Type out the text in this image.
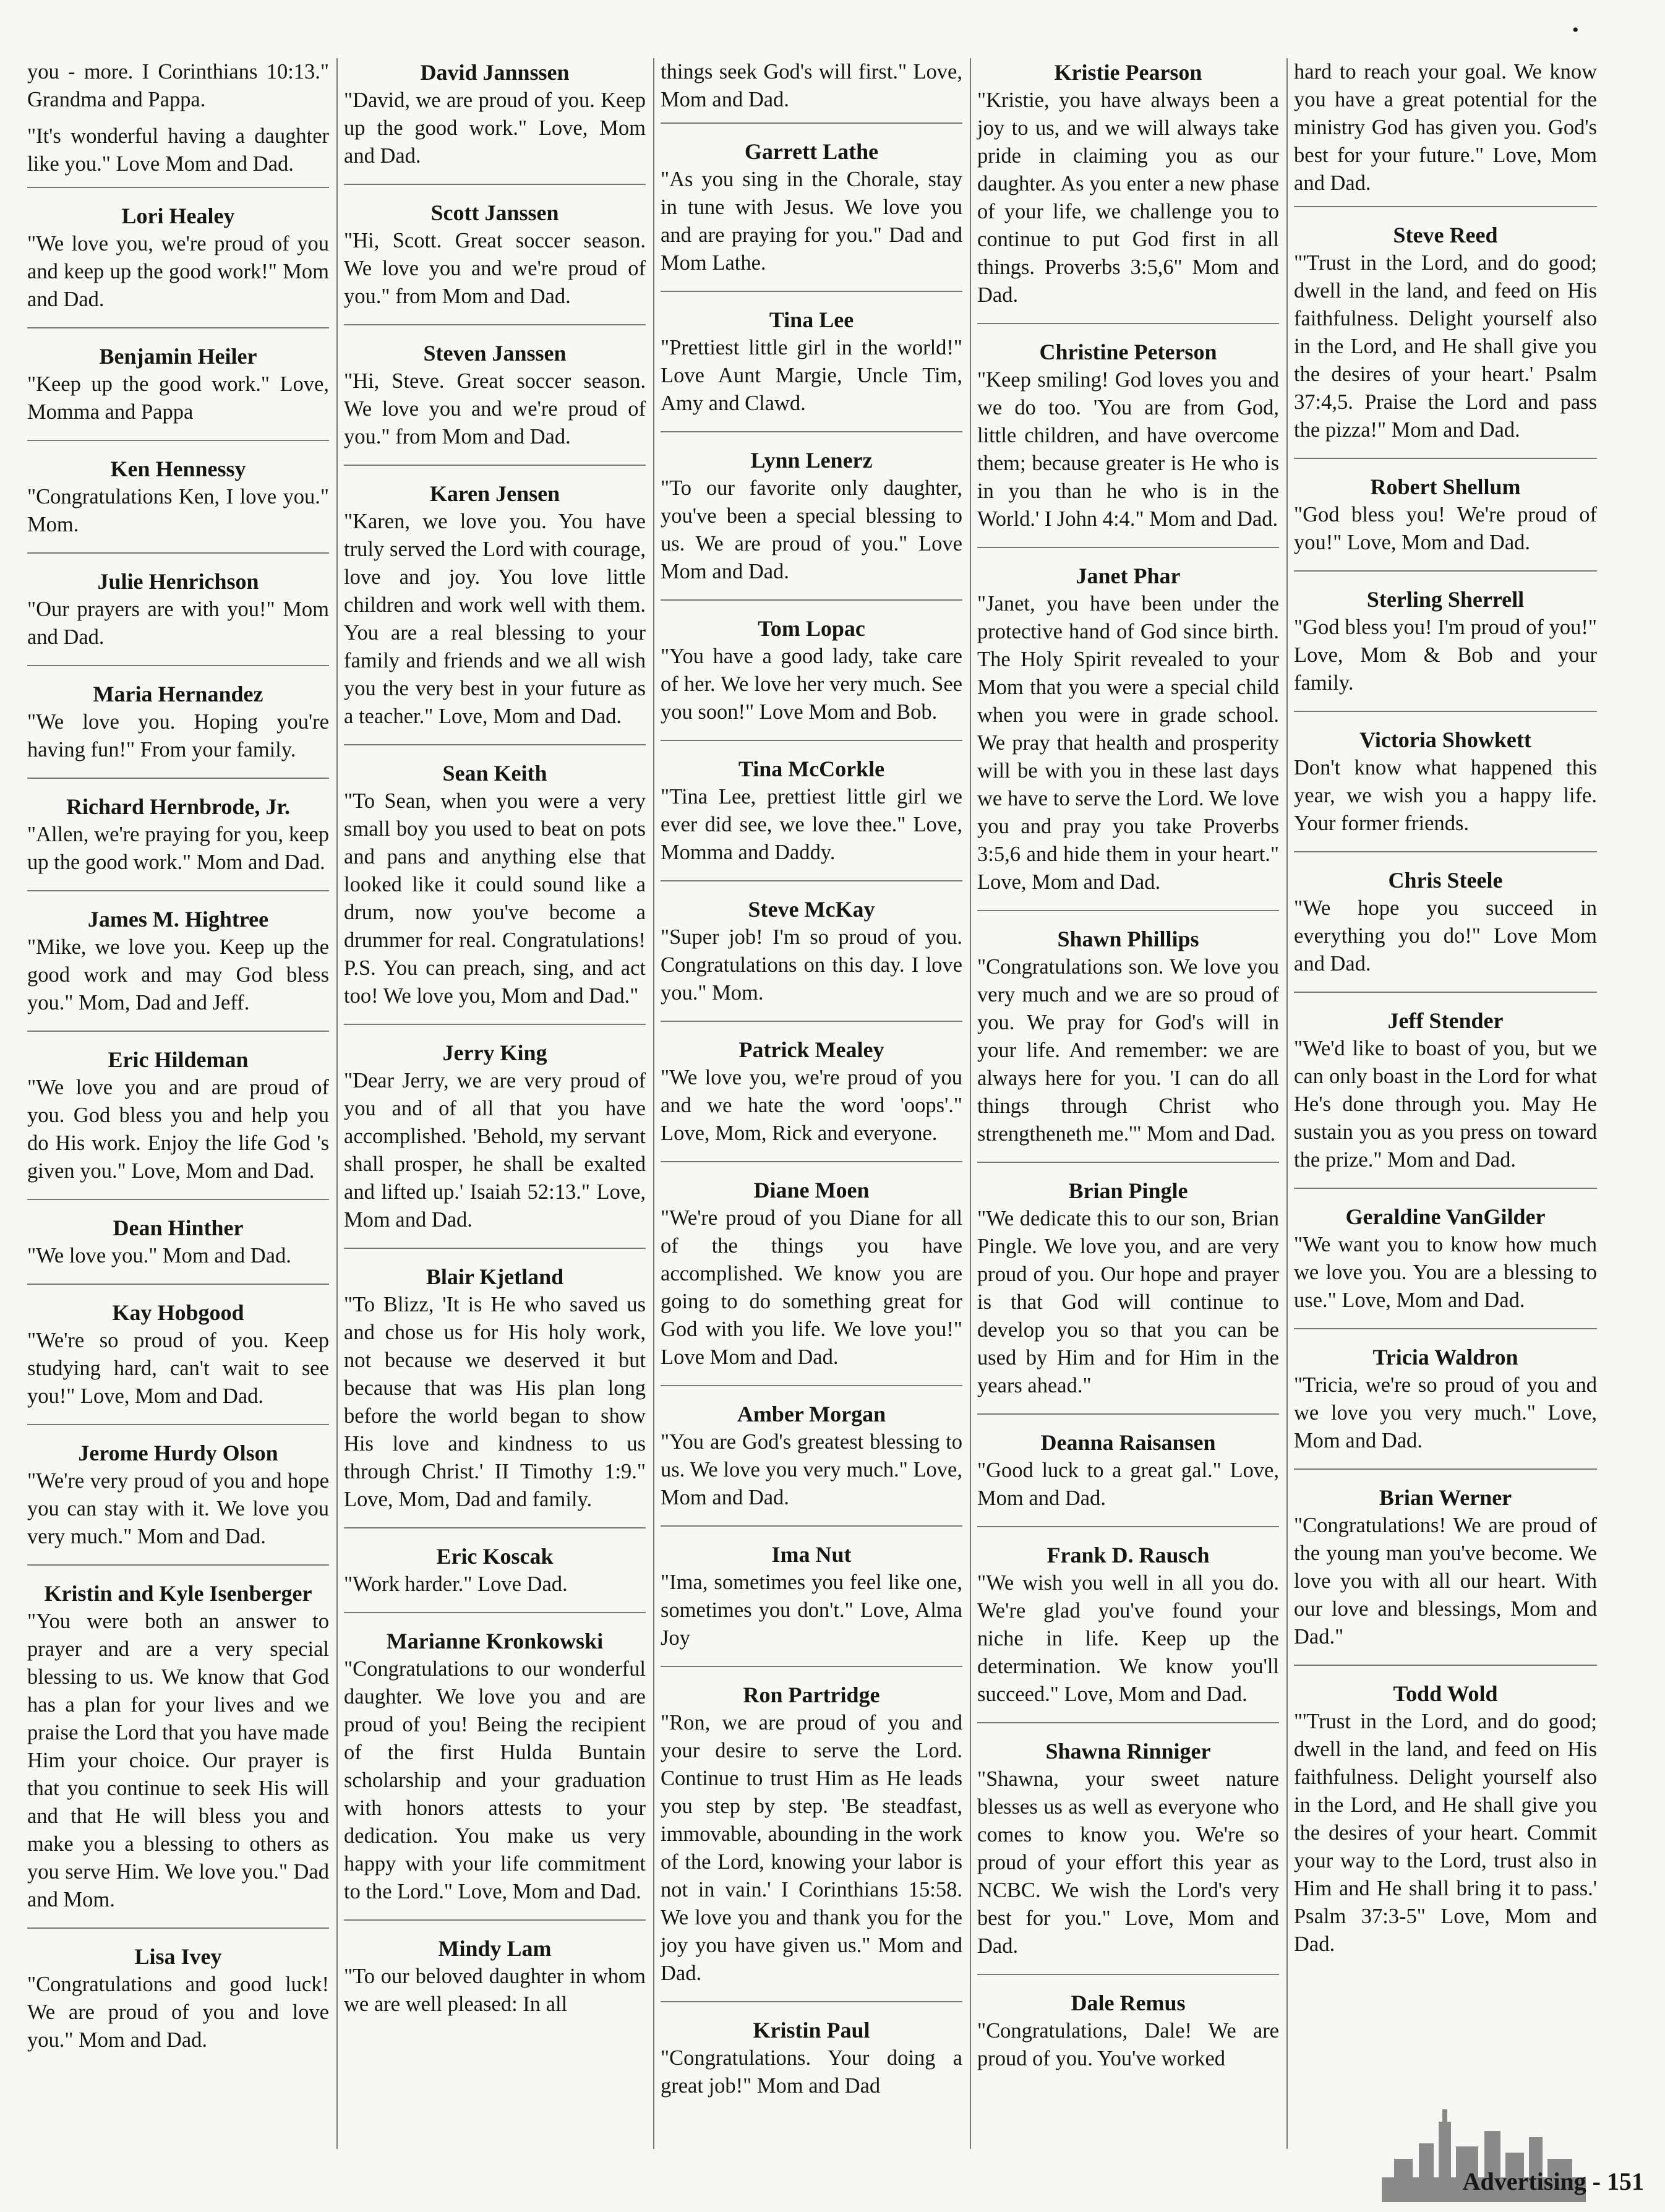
•

you - more. I Corinthians 10:13." Grandma and Pappa.

"It's wonderful having a daughter like you." Love Mom and Dad.

Lori Healey

"We love you, we're proud of you and keep up the good work!" Mom and Dad.

Benjamin Heiler

"Keep up the good work." Love, Momma and Pappa

Ken Hennessy

"Congratulations Ken, I love you." Mom.

Julie Henrichson

"Our prayers are with you!" Mom and Dad.

Maria Hernandez

"We love you. Hoping you're having fun!" From your family.

Richard Hernbrode, Jr.

"Allen, we're praying for you, keep up the good work." Mom and Dad.

James M. Hightree

"Mike, we love you. Keep up the good work and may God bless you." Mom, Dad and Jeff.

Eric Hildeman

"We love you and are proud of you. God bless you and help you do His work. Enjoy the life God 's given you." Love, Mom and Dad.

Dean Hinther

"We love you." Mom and Dad.

Kay Hobgood

"We're so proud of you. Keep studying hard, can't wait to see you!" Love, Mom and Dad.

Jerome Hurdy Olson

"We're very proud of you and hope you can stay with it. We love you very much." Mom and Dad.

Kristin and Kyle Isenberger

"You were both an answer to prayer and are a very special blessing to us. We know that God has a plan for your lives and we praise the Lord that you have made Him your choice. Our prayer is that you continue to seek His will and that He will bless you and make you a blessing to others as you serve Him. We love you." Dad and Mom.

Lisa Ivey

"Congratulations and good luck! We are proud of you and love you." Mom and Dad.

David Jannssen

"David, we are proud of you. Keep up the good work." Love, Mom and Dad.

Scott Janssen

"Hi, Scott. Great soccer season. We love you and we're proud of you." from Mom and Dad.

Steven Janssen

"Hi, Steve. Great soccer season. We love you and we're proud of you." from Mom and Dad.

Karen Jensen

"Karen, we love you. You have truly served the Lord with courage, love and joy. You love little children and work well with them. You are a real blessing to your family and friends and we all wish you the very best in your future as a teacher." Love, Mom and Dad.

Sean Keith

"To Sean, when you were a very small boy you used to beat on pots and pans and anything else that looked like it could sound like a drum, now you've become a drummer for real. Congratulations! P.S. You can preach, sing, and act too! We love you, Mom and Dad."

Jerry King

"Dear Jerry, we are very proud of you and of all that you have accomplished. 'Behold, my servant shall prosper, he shall be exalted and lifted up.' Isaiah 52:13." Love, Mom and Dad.

Blair Kjetland

"To Blizz, 'It is He who saved us and chose us for His holy work, not because we deserved it but because that was His plan long before the world began to show His love and kindness to us through Christ.' II Timothy 1:9." Love, Mom, Dad and family.

Eric Koscak

"Work harder." Love Dad.

Marianne Kronkowski

"Congratulations to our wonderful daughter. We love you and are proud of you! Being the recipient of the first Hulda Buntain scholarship and your graduation with honors attests to your dedication. You make us very happy with your life commitment to the Lord." Love, Mom and Dad.

Mindy Lam

"To our beloved daughter in whom we are well pleased: In all

things seek God's will first." Love, Mom and Dad.

Garrett Lathe

"As you sing in the Chorale, stay in tune with Jesus. We love you and are praying for you." Dad and Mom Lathe.

Tina Lee

"Prettiest little girl in the world!" Love Aunt Margie, Uncle Tim, Amy and Clawd.

Lynn Lenerz

"To our favorite only daughter, you've been a special blessing to us. We are proud of you." Love Mom and Dad.

Tom Lopac

"You have a good lady, take care of her. We love her very much. See you soon!" Love Mom and Bob.

Tina McCorkle

"Tina Lee, prettiest little girl we ever did see, we love thee." Love, Momma and Daddy.

Steve McKay

"Super job! I'm so proud of you. Congratulations on this day. I love you." Mom.

Patrick Mealey

"We love you, we're proud of you and we hate the word 'oops'." Love, Mom, Rick and everyone.

Diane Moen

"We're proud of you Diane for all of the things you have accomplished. We know you are going to do something great for God with you life. We love you!" Love Mom and Dad.

Amber Morgan

"You are God's greatest blessing to us. We love you very much." Love, Mom and Dad.

Ima Nut

"Ima, sometimes you feel like one, sometimes you don't." Love, Alma Joy

Ron Partridge

"Ron, we are proud of you and your desire to serve the Lord. Continue to trust Him as He leads you step by step. 'Be steadfast, immovable, abounding in the work of the Lord, knowing your labor is not in vain.' I Corinthians 15:58. We love you and thank you for the joy you have given us." Mom and Dad.

Kristin Paul

"Congratulations. Your doing a great job!" Mom and Dad

Kristie Pearson

"Kristie, you have always been a joy to us, and we will always take pride in claiming you as our daughter. As you enter a new phase of your life, we challenge you to continue to put God first in all things. Proverbs 3:5,6" Mom and Dad.

Christine Peterson

"Keep smiling! God loves you and we do too. 'You are from God, little children, and have overcome them; because greater is He who is in you than he who is in the World.' I John 4:4." Mom and Dad.

Janet Phar

"Janet, you have been under the protective hand of God since birth. The Holy Spirit revealed to your Mom that you were a special child when you were in grade school. We pray that health and prosperity will be with you in these last days we have to serve the Lord. We love you and pray you take Proverbs 3:5,6 and hide them in your heart." Love, Mom and Dad.

Shawn Phillips

"Congratulations son. We love you very much and we are so proud of you. We pray for God's will in your life. And remember: we are always here for you. 'I can do all things through Christ who strengtheneth me.'" Mom and Dad.

Brian Pingle

"We dedicate this to our son, Brian Pingle. We love you, and are very proud of you. Our hope and prayer is that God will continue to develop you so that you can be used by Him and for Him in the years ahead."

Deanna Raisansen

"Good luck to a great gal." Love, Mom and Dad.

Frank D. Rausch

"We wish you well in all you do. We're glad you've found your niche in life. Keep up the determination. We know you'll succeed." Love, Mom and Dad.

Shawna Rinniger

"Shawna, your sweet nature blesses us as well as everyone who comes to know you. We're so proud of your effort this year as NCBC. We wish the Lord's very best for you." Love, Mom and Dad.

Dale Remus

"Congratulations, Dale! We are proud of you. You've worked

hard to reach your goal. We know you have a great potential for the ministry God has given you. God's best for your future." Love, Mom and Dad.

Steve Reed

"'Trust in the Lord, and do good; dwell in the land, and feed on His faithfulness. Delight yourself also in the Lord, and He shall give you the desires of your heart.' Psalm 37:4,5. Praise the Lord and pass the pizza!" Mom and Dad.

Robert Shellum

"God bless you! We're proud of you!" Love, Mom and Dad.

Sterling Sherrell

"God bless you! I'm proud of you!" Love, Mom & Bob and your family.

Victoria Showkett

Don't know what happened this year, we wish you a happy life. Your former friends.

Chris Steele

"We hope you succeed in everything you do!" Love Mom and Dad.

Jeff Stender

"We'd like to boast of you, but we can only boast in the Lord for what He's done through you. May He sustain you as you press on toward the prize." Mom and Dad.

Geraldine VanGilder

"We want you to know how much we love you. You are a blessing to use." Love, Mom and Dad.

Tricia Waldron

"Tricia, we're so proud of you and we love you very much." Love, Mom and Dad.

Brian Werner

"Congratulations! We are proud of the young man you've become. We love you with all our heart. With our love and blessings, Mom and Dad."

Todd Wold

"'Trust in the Lord, and do good; dwell in the land, and feed on His faithfulness. Delight yourself also in the Lord, and He shall give you the desires of your heart. Commit your way to the Lord, trust also in Him and He shall bring it to pass.' Psalm 37:3-5" Love, Mom and Dad.

Advertising - 151
